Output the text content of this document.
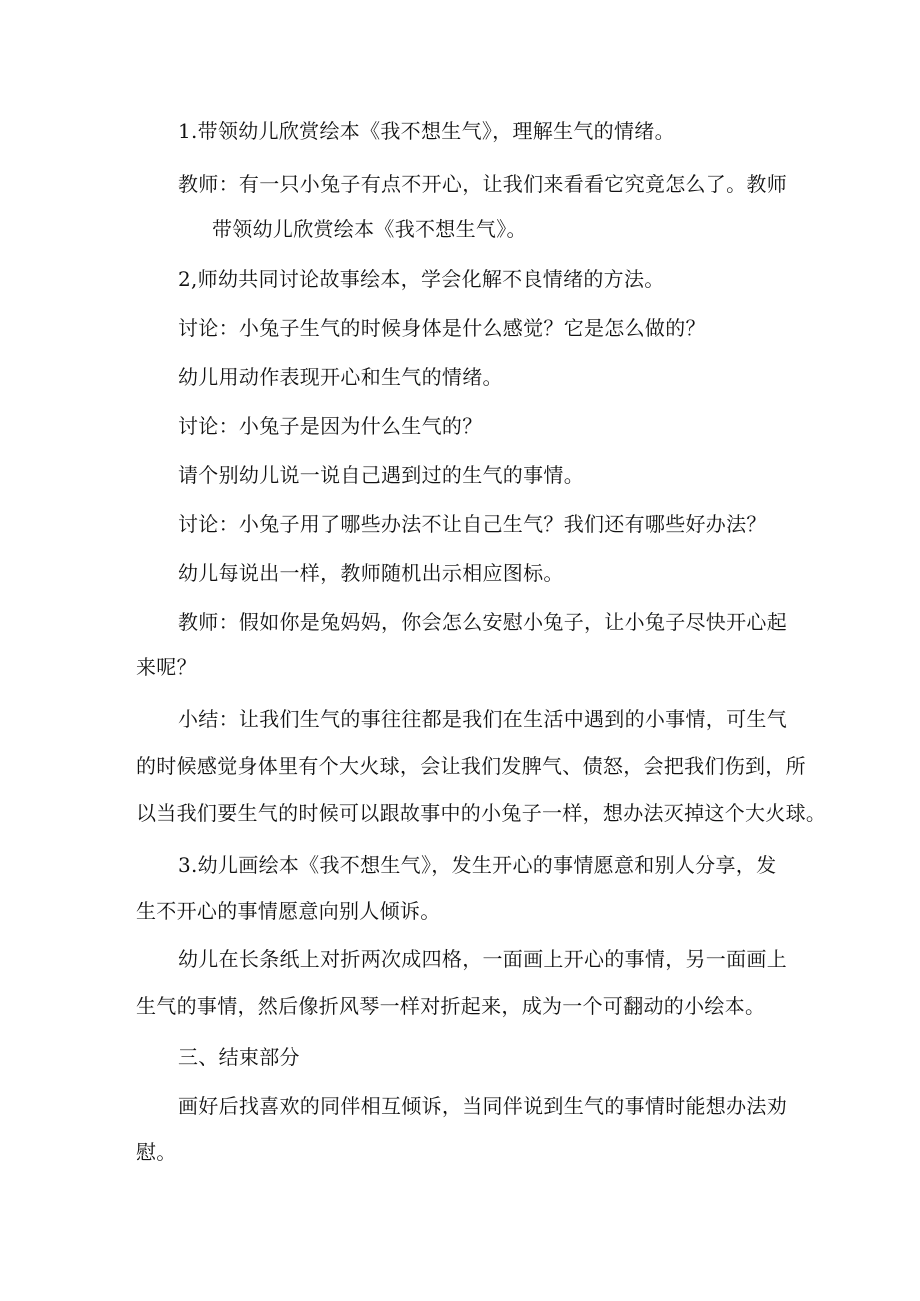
1.带领幼儿欣赏绘本《我不想生气》，理解生气的情绪。
教师：有一只小兔子有点不开心，让我们来看看它究竟怎么了。教师
带领幼儿欣赏绘本《我不想生气》。
2,师幼共同讨论故事绘本，学会化解不良情绪的方法。
讨论：小兔子生气的时候身体是什么感觉？它是怎么做的？
幼儿用动作表现开心和生气的情绪。
讨论：小兔子是因为什么生气的？
请个别幼儿说一说自己遇到过的生气的事情。
讨论：小兔子用了哪些办法不让自己生气？我们还有哪些好办法？
幼儿每说出一样，教师随机出示相应图标。
教师：假如你是兔妈妈，你会怎么安慰小兔子，让小兔子尽快开心起
来呢？
小结：让我们生气的事往往都是我们在生活中遇到的小事情，可生气
的时候感觉身体里有个大火球，会让我们发脾气、债怒，会把我们伤到，所
以当我们要生气的时候可以跟故事中的小兔子一样，想办法灭掉这个大火球。
3.幼儿画绘本《我不想生气》，发生开心的事情愿意和别人分享，发
生不开心的事情愿意向别人倾诉。
幼儿在长条纸上对折两次成四格，一面画上开心的事情，另一面画上
生气的事情，然后像折风琴一样对折起来，成为一个可翻动的小绘本。
三、结束部分
画好后找喜欢的同伴相互倾诉，当同伴说到生气的事情时能想办法劝
慰。
